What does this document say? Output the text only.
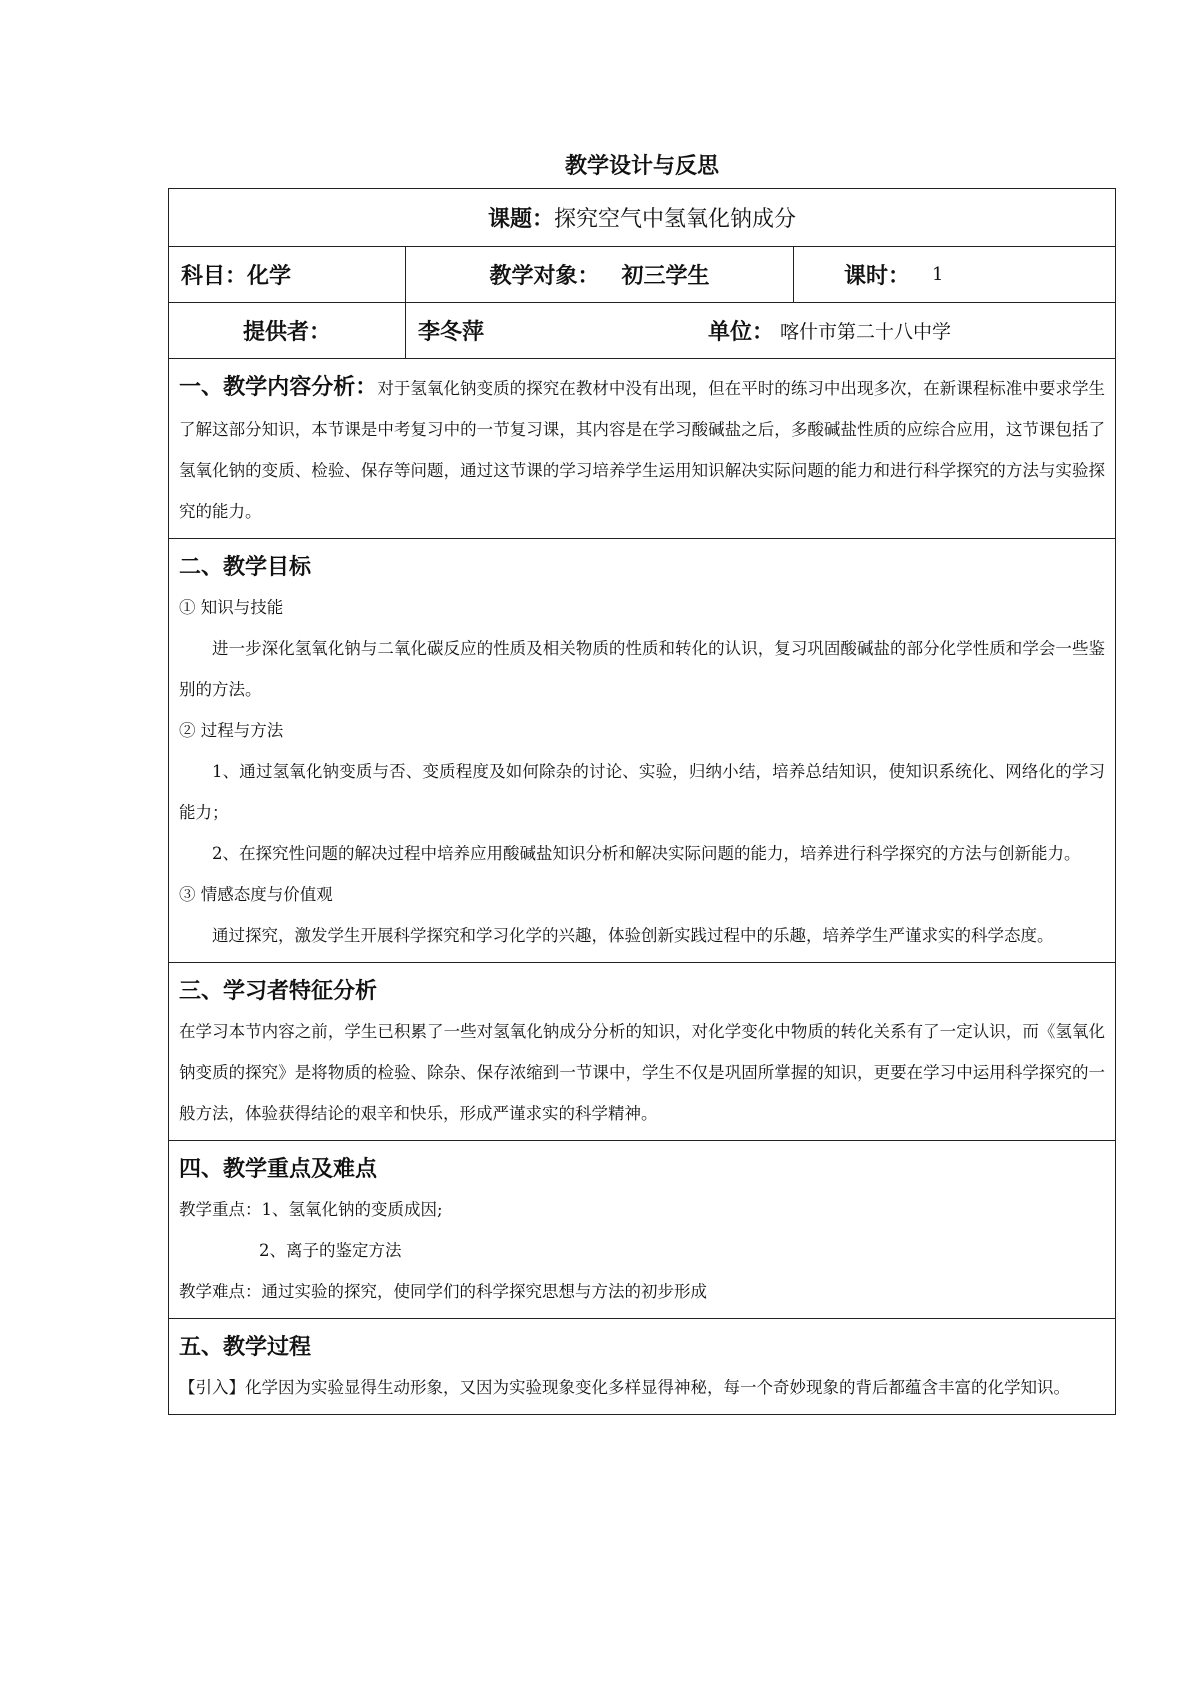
教学设计与反思
课题： 探究空气中氢氧化钠成分
科目：化学	教学对象： 初三学生	课时： 1
提供者：	李冬萍	单位： 喀什市第二十八中学
一、教学内容分析：对于氢氧化钠变质的探究在教材中没有出现，但在平时的练习中出现多次，在新课程标准中要求学生了解这部分知识，本节课是中考复习中的一节复习课，其内容是在学习酸碱盐之后，多酸碱盐性质的应综合应用，这节课包括了氢氧化钠的变质、检验、保存等问题，通过这节课的学习培养学生运用知识解决实际问题的能力和进行科学探究的方法与实验探究的能力。
二、教学目标

① 知识与技能

进一步深化氢氧化钠与二氧化碳反应的性质及相关物质的性质和转化的认识，复习巩固酸碱盐的部分化学性质和学会一些鉴别的方法。

② 过程与方法

1、通过氢氧化钠变质与否、变质程度及如何除杂的讨论、实验，归纳小结，培养总结知识，使知识系统化、网络化的学习能力；

2、在探究性问题的解决过程中培养应用酸碱盐知识分析和解决实际问题的能力，培养进行科学探究的方法与创新能力。

③ 情感态度与价值观

通过探究，激发学生开展科学探究和学习化学的兴趣，体验创新实践过程中的乐趣，培养学生严谨求实的科学态度。

三、学习者特征分析

在学习本节内容之前，学生已积累了一些对氢氧化钠成分分析的知识，对化学变化中物质的转化关系有了一定认识，而《氢氧化钠变质的探究》是将物质的检验、除杂、保存浓缩到一节课中，学生不仅是巩固所掌握的知识，更要在学习中运用科学探究的一般方法，体验获得结论的艰辛和快乐，形成严谨求实的科学精神。

四、教学重点及难点

教学重点：1、氢氧化钠的变质成因;

2、离子的鉴定方法

教学难点：通过实验的探究，使同学们的科学探究思想与方法的初步形成

五、教学过程

【引入】化学因为实验显得生动形象，又因为实验现象变化多样显得神秘，每一个奇妙现象的背后都蕴含丰富的化学知识。
